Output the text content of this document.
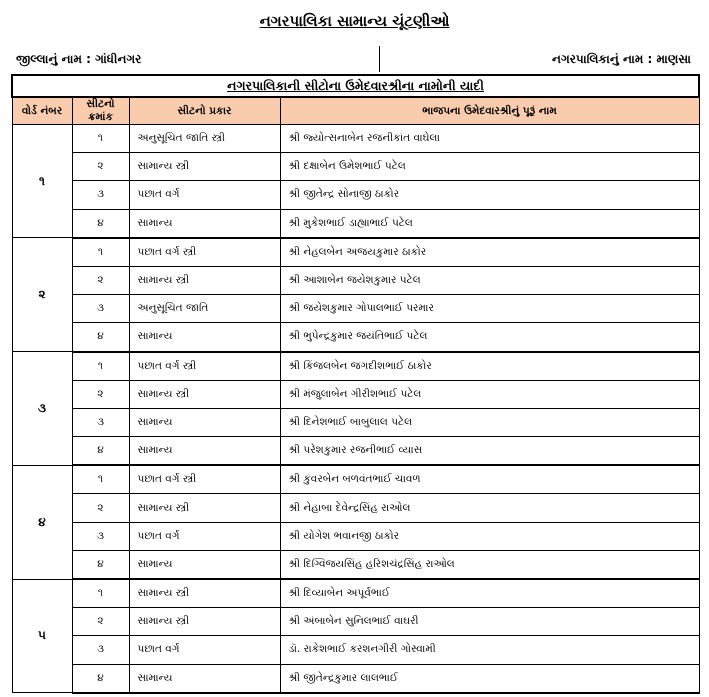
નગરપાલિકા સામાન્ય ચૂંટણીઓ
જીલ્લાનું નામ : ગાંધીનગર	નગરપાલિકાનું નામ : માણસા
નગરપાલિકાની સીટોના ઉમેદવારશ્રીના નામોની યાદી			
વોર્ડ નંબર	સીટનો ક્રમાંક	સીટનો પ્રકાર	ભાજપના ઉમેદવારશ્રીનું પૂરૂં નામ
૧	૧	અનુસૂચિત જાતિ સ્ત્રી	શ્રી જ્યોત્સનાબેન રજનીકાંત વાઘેલા
	૨	સામાન્ય સ્ત્રી	શ્રી દક્ષાબેન ઉમેશભાઈ પટેલ
	૩	પછાત વર્ગ	શ્રી જીતેન્દ્ર સોનાજી ઠાકોર
	૪	સામાન્ય	શ્રી મુકેશભાઈ ડાહ્યાભાઈ પટેલ
૨	૧	પછાત વર્ગ સ્ત્રી	શ્રી નેહલબેન અજયકુમાર ઠાકોર
	૨	સામાન્ય સ્ત્રી	શ્રી આશાબેન જયેશકુમાર પટેલ
	૩	અનુસૂચિત જાતિ	શ્રી જયેશકુમાર ગોપાલભાઈ પરમાર
	૪	સામાન્ય	શ્રી ભુપેન્દ્રકુમાર જયંતિભાઈ પટેલ
૩	૧	પછાત વર્ગ સ્ત્રી	શ્રી કિંજલબેન જગદીશભાઈ ઠાકોર
	૨	સામાન્ય સ્ત્રી	શ્રી મંજુલાબેન ગીરીશભાઈ પટેલ
	૩	સામાન્ય	શ્રી દિનેશભાઈ બાબુલાલ પટેલ
	૪	સામાન્ય	શ્રી પરેશકુમાર રજનીભાઈ વ્યાસ
૪	૧	પછાત વર્ગ સ્ત્રી	શ્રી કુંવરબેન બળવંતભાઈ ચાવળ
	૨	સામાન્ય સ્ત્રી	શ્રી નેહાબા દેવેન્દ્રસિંહ રાઓલ
	૩	પછાત વર્ગ	શ્રી યોગેશ ભવાનજી ઠાકોર
	૪	સામાન્ય	શ્રી દિગ્વિજયસિંહ હરિશચંદ્રસિંહ રાઓલ
૫	૧	સામાન્ય સ્ત્રી	શ્રી દિવ્યાબેન અપૂર્વભાઈ
	૨	સામાન્ય સ્ત્રી	શ્રી અંબાબેન સુનિલભાઈ વાઘરી
	૩	પછાત વર્ગ	ડૉ. રાકેશભાઈ કરશનગીરી ગોસ્વામી
	૪	સામાન્ય	શ્રી જીતેન્દ્રકુમાર લાલભાઈ
